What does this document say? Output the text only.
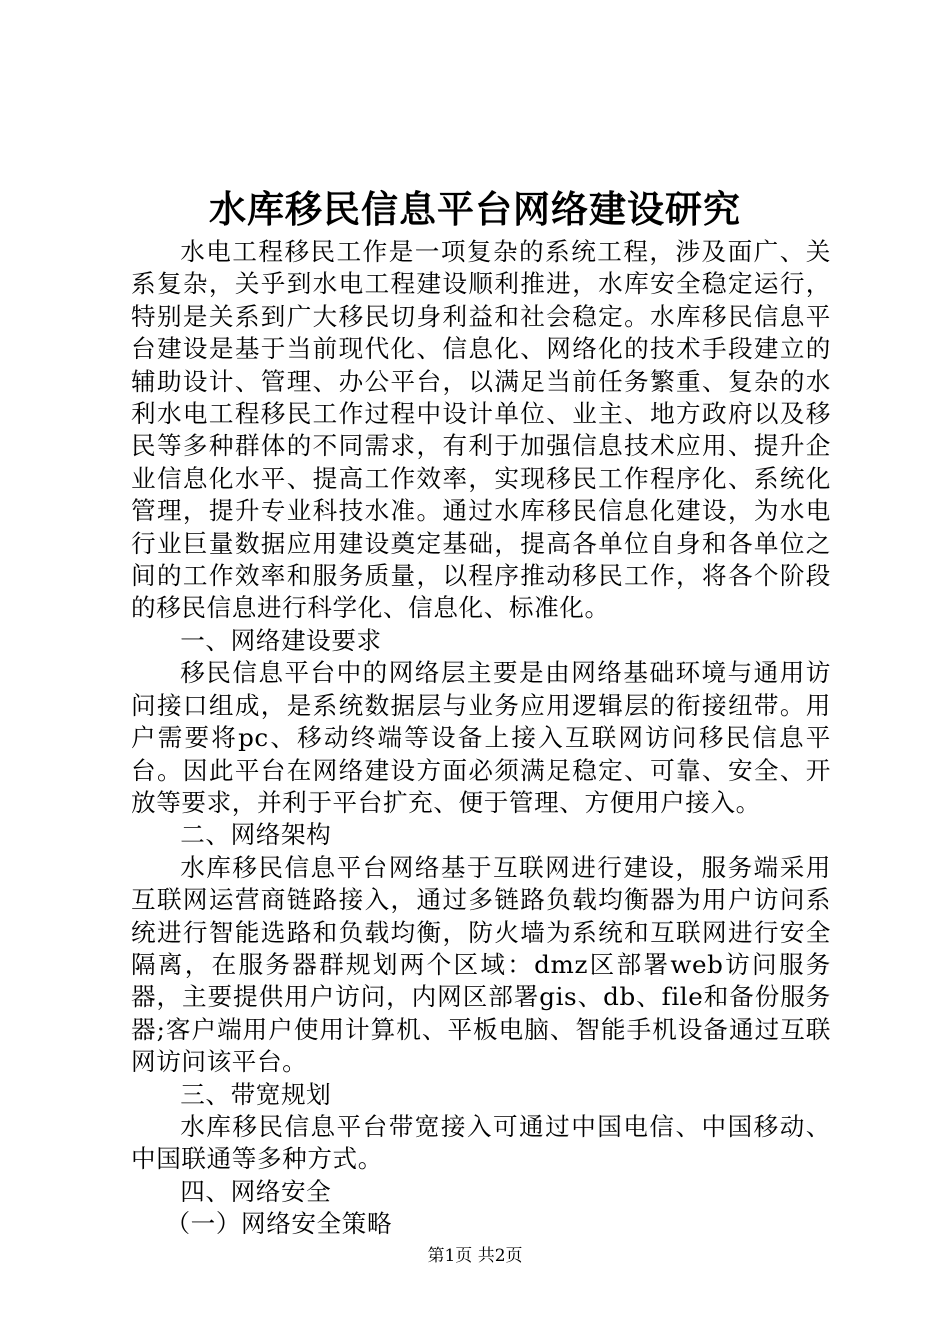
水库移民信息平台网络建设研究

水电工程移民工作是一项复杂的系统工程，涉及面广、关系复杂，关乎到水电工程建设顺利推进，水库安全稳定运行，特别是关系到广大移民切身利益和社会稳定。水库移民信息平台建设是基于当前现代化、信息化、网络化的技术手段建立的辅助设计、管理、办公平台，以满足当前任务繁重、复杂的水利水电工程移民工作过程中设计单位、业主、地方政府以及移民等多种群体的不同需求，有利于加强信息技术应用、提升企业信息化水平、提高工作效率，实现移民工作程序化、系统化管理，提升专业科技水准。通过水库移民信息化建设，为水电行业巨量数据应用建设奠定基础，提高各单位自身和各单位之间的工作效率和服务质量，以程序推动移民工作，将各个阶段的移民信息进行科学化、信息化、标准化。

一、网络建设要求

移民信息平台中的网络层主要是由网络基础环境与通用访问接口组成，是系统数据层与业务应用逻辑层的衔接纽带。用户需要将pc、移动终端等设备上接入互联网访问移民信息平台。因此平台在网络建设方面必须满足稳定、可靠、安全、开放等要求，并利于平台扩充、便于管理、方便用户接入。

二、网络架构

水库移民信息平台网络基于互联网进行建设，服务端采用互联网运营商链路接入，通过多链路负载均衡器为用户访问系统进行智能选路和负载均衡，防火墙为系统和互联网进行安全隔离，在服务器群规划两个区域：dmz区部署web访问服务器，主要提供用户访问，内网区部署gis、db、file和备份服务器;客户端用户使用计算机、平板电脑、智能手机设备通过互联网访问该平台。

三、带宽规划

水库移民信息平台带宽接入可通过中国电信、中国移动、中国联通等多种方式。

四、网络安全

（一）网络安全策略

第1页 共2页
